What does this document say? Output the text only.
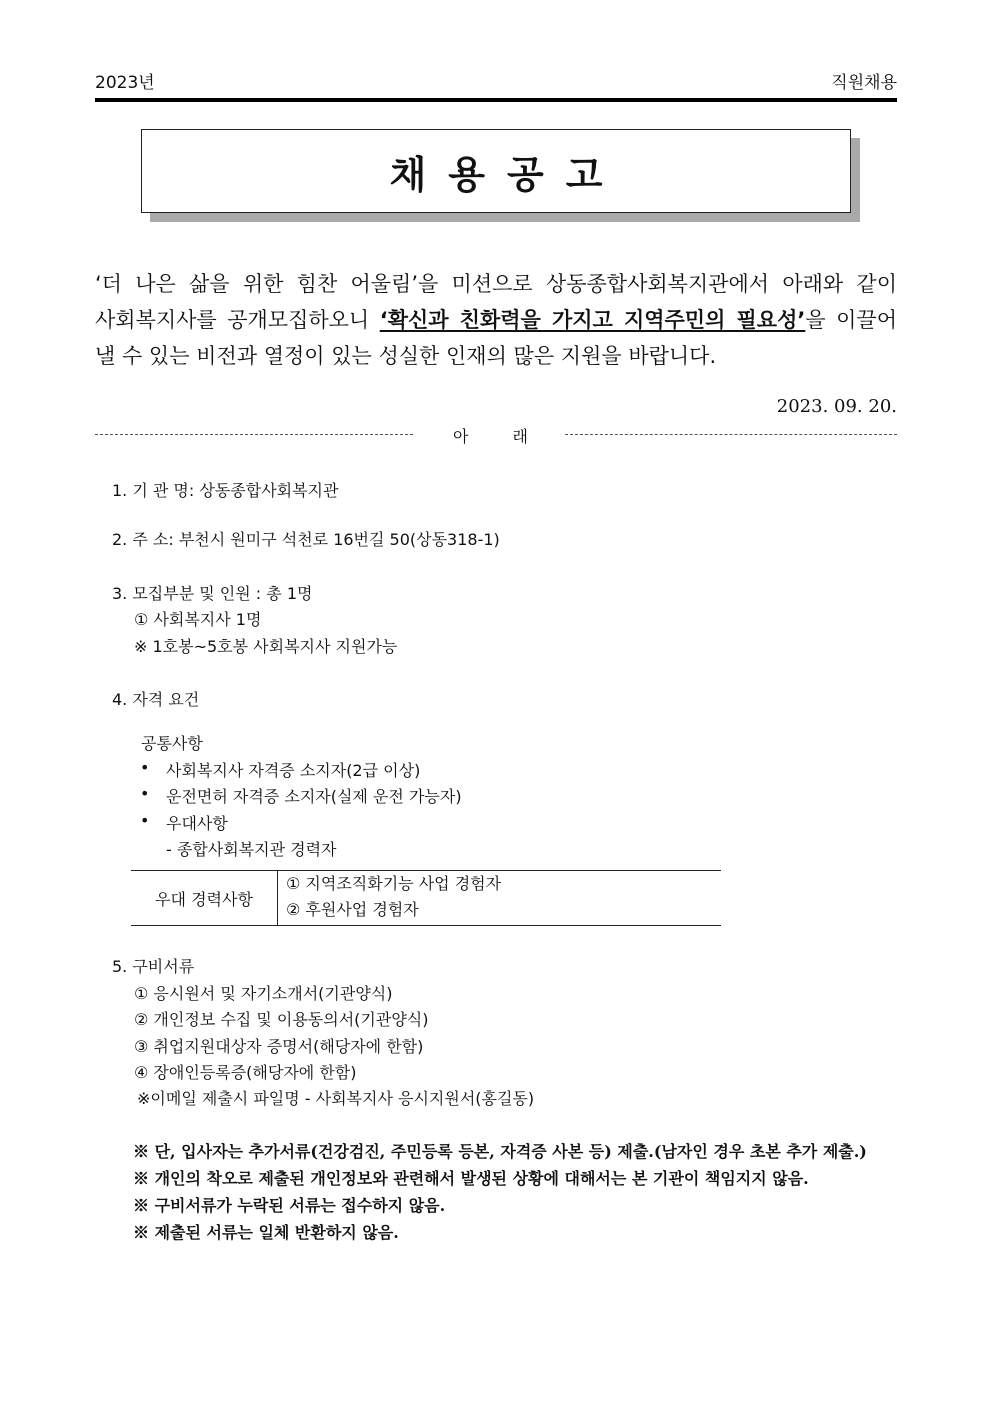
2023년	직원채용
채용공고
‘더 나은 삶을 위한 힘찬 어울림’을 미션으로 상동종합사회복지관에서 아래와 같이
사회복지사를 공개모집하오니 ‘확신과 친화력을 가지고 지역주민의 필요성’을 이끌어
낼 수 있는 비전과 열정이 있는 성실한 인재의 많은 지원을 바랍니다.
2023. 09. 20.
아래
1. 기 관 명: 상동종합사회복지관
2. 주 소: 부천시 원미구 석천로 16번길 50(상동318-1)
3. 모집부분 및 인원 : 총 1명
① 사회복지사 1명
※ 1호봉~5호봉 사회복지사 지원가능
4. 자격 요건
공통사항
• 사회복지사 자격증 소지자(2급 이상)
• 운전면허 자격증 소지자(실제 운전 가능자)
• 우대사항
- 종합사회복지관 경력자
우대 경력사항
① 지역조직화기능 사업 경험자
② 후원사업 경험자
5. 구비서류
① 응시원서 및 자기소개서(기관양식)
② 개인정보 수집 및 이용동의서(기관양식)
③ 취업지원대상자 증명서(해당자에 한함)
④ 장애인등록증(해당자에 한함)
※이메일 제출시 파일명 - 사회복지사 응시지원서(홍길동)
※ 단, 입사자는 추가서류(건강검진, 주민등록 등본, 자격증 사본 등) 제출.(남자인 경우 초본 추가 제출.)
※ 개인의 착오로 제출된 개인정보와 관련해서 발생된 상황에 대해서는 본 기관이 책임지지 않음.
※ 구비서류가 누락된 서류는 접수하지 않음.
※ 제출된 서류는 일체 반환하지 않음.
